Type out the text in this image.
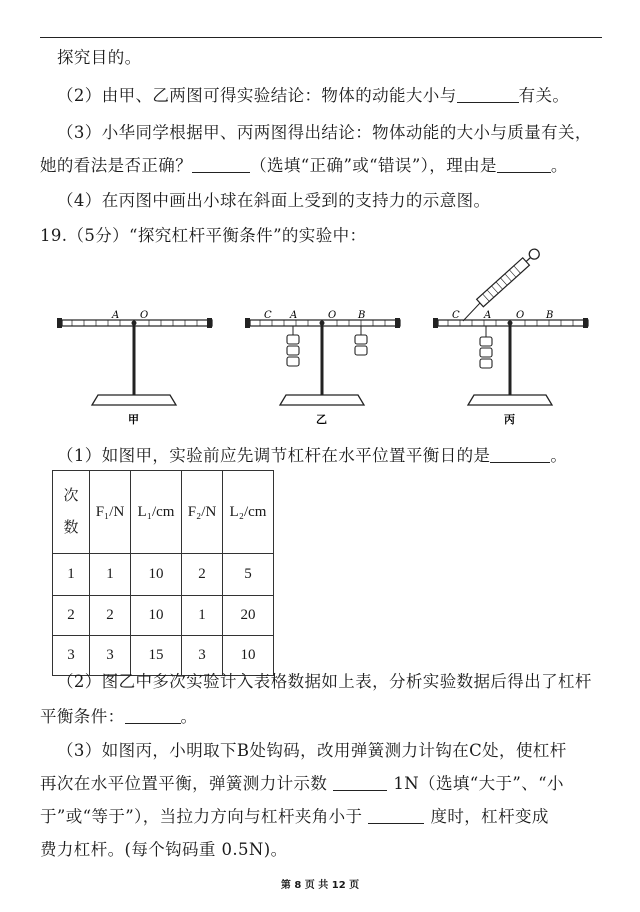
探究目的。
（2）由甲、乙两图可得实验结论：物体的动能大小与	有关。
（3）小华同学根据甲、丙两图得出结论：物体动能的大小与质量有关，
她的看法是否正确？	（选填“正确”或“错误”），理由是	。
（4）在丙图中画出小球在斜面上受到的支持力的示意图。
19.（5分）“探究杠杆平衡条件”的实验中：
A O
甲
C A	O B
乙
C A O B
丙
（1）如图甲，实验前应先调节杠杆在水平位置平衡日的是	。
次数	F₁/N	L₁/cm	F₂/N	L₂/cm
1	1	10	2	5
2	2	10	1	20
3	3	15	3	10
（2）图乙中多次实验计入表格数据如上表，分析实验数据后得出了杠杆
平衡条件：	。
（3）如图丙，小明取下B处钩码，改用弹簧测力计钩在C处，使杠杆
再次在水平位置平衡，弹簧测力计示数	1N（选填“大于”、“小
于”或“等于”），当拉力方向与杠杆夹角小于	度时，杠杆变成
费力杠杆。(每个钩码重 0.5N)。
第 8 页 共 12 页
